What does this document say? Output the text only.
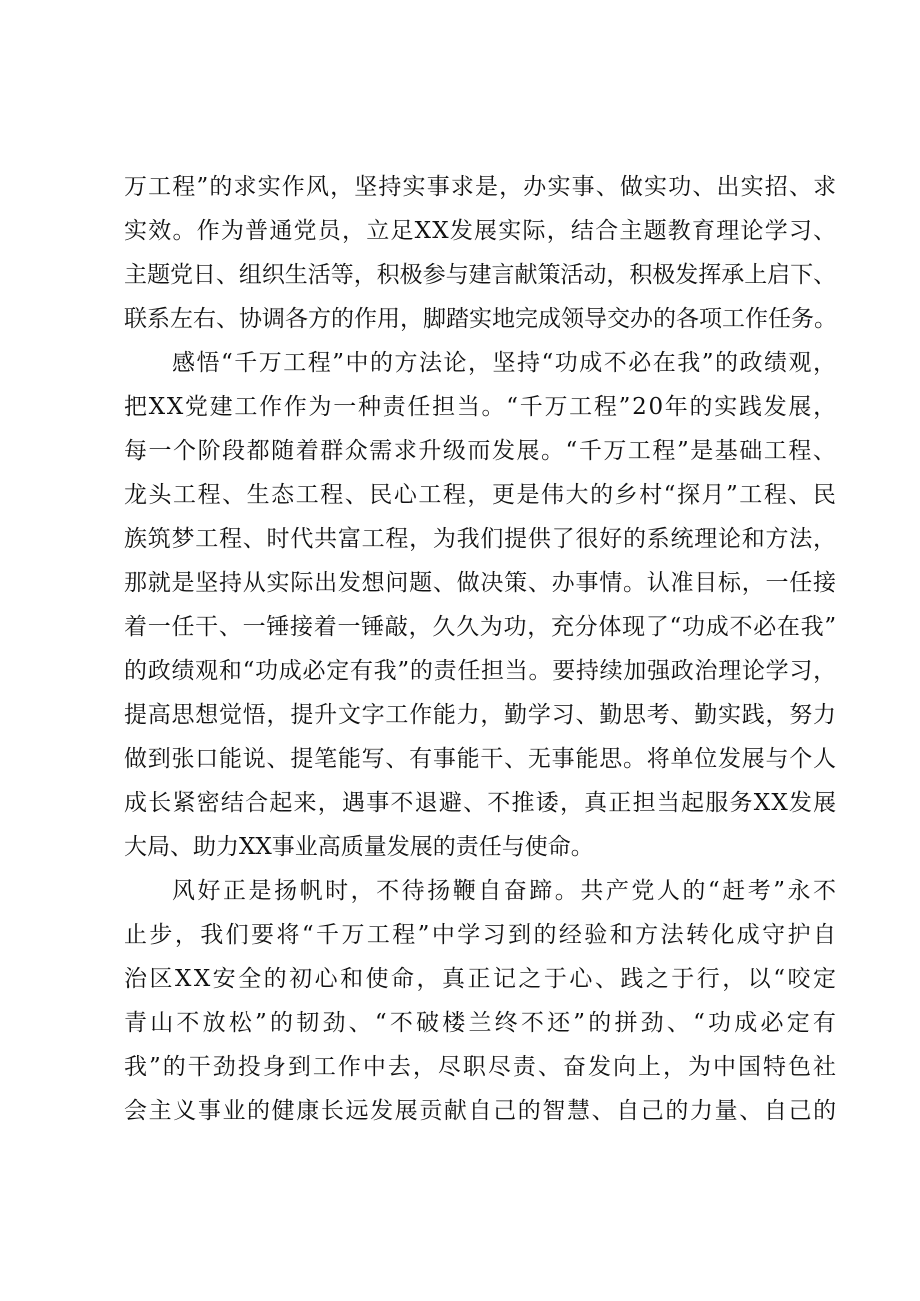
万工程”的求实作风，坚持实事求是，办实事、做实功、出实招、求
实效。作为普通党员，立足XX发展实际，结合主题教育理论学习、
主题党日、组织生活等，积极参与建言献策活动，积极发挥承上启下、
联系左右、协调各方的作用，脚踏实地完成领导交办的各项工作任务。
感悟“千万工程”中的方法论，坚持“功成不必在我”的政绩观，
把XX党建工作作为一种责任担当。“千万工程”20年的实践发展，
每一个阶段都随着群众需求升级而发展。“千万工程”是基础工程、
龙头工程、生态工程、民心工程，更是伟大的乡村“探月”工程、民
族筑梦工程、时代共富工程，为我们提供了很好的系统理论和方法，
那就是坚持从实际出发想问题、做决策、办事情。认准目标，一任接
着一任干、一锤接着一锤敲，久久为功，充分体现了“功成不必在我”
的政绩观和“功成必定有我”的责任担当。要持续加强政治理论学习，
提高思想觉悟，提升文字工作能力，勤学习、勤思考、勤实践，努力
做到张口能说、提笔能写、有事能干、无事能思。将单位发展与个人
成长紧密结合起来，遇事不退避、不推诿，真正担当起服务XX发展
大局、助力XX事业高质量发展的责任与使命。
风好正是扬帆时，不待扬鞭自奋蹄。共产党人的“赶考”永不
止步，我们要将“千万工程”中学习到的经验和方法转化成守护自
治区XX安全的初心和使命，真正记之于心、践之于行，以“咬定
青山不放松”的韧劲、“不破楼兰终不还”的拼劲、“功成必定有
我”的干劲投身到工作中去，尽职尽责、奋发向上，为中国特色社
会主义事业的健康长远发展贡献自己的智慧、自己的力量、自己的
